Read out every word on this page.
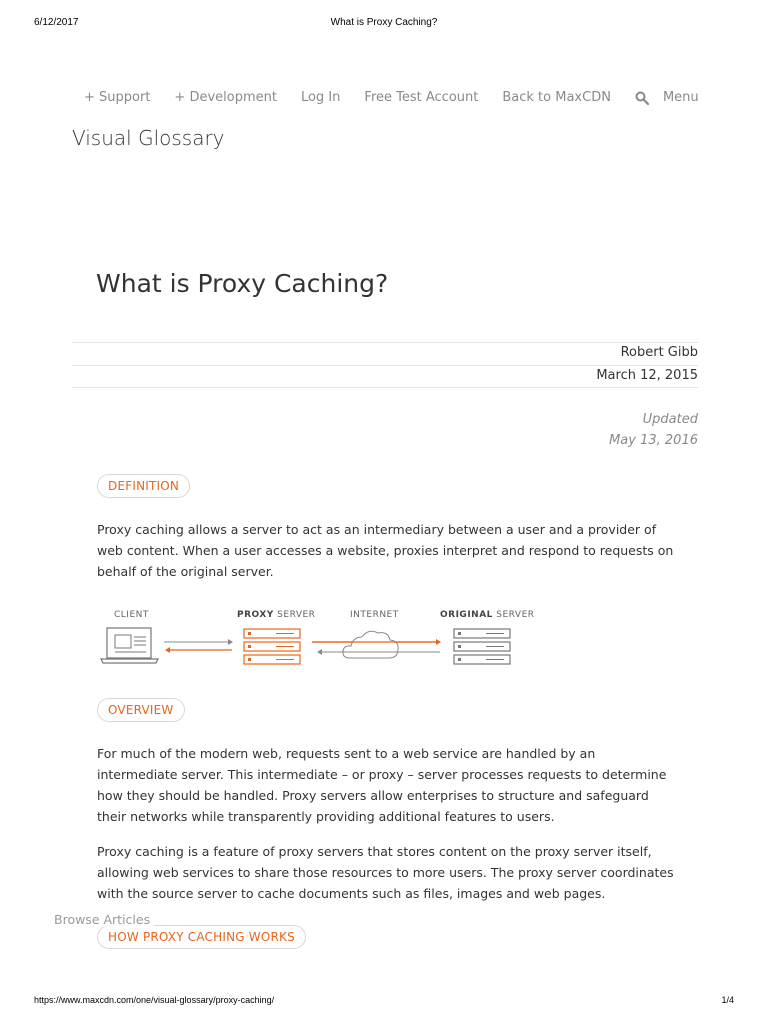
6/12/2017	What is Proxy Caching?
https://www.maxcdn.com/one/visual-glossary/proxy-caching/	1/4
+ Support + Development Log In Free Test Account Back to MaxCDN	Menu
Visual Glossary
What is Proxy Caching?
Robert Gibb
March 12, 2015
Updated
May 13, 2016
DEFINITION

Proxy caching allows a server to act as an intermediary between a user and a provider of web content. When a user accesses a website, proxies interpret and respond to requests on behalf of the original server.

CLIENT	PROXY SERVER	INTERNET	ORIGINAL SERVER
OVERVIEW

For much of the modern web, requests sent to a web service are handled by an intermediate server. This intermediate – or proxy – server processes requests to determine how they should be handled. Proxy servers allow enterprises to structure and safeguard their networks while transparently providing additional features to users.

Proxy caching is a feature of proxy servers that stores content on the proxy server itself, allowing web services to share those resources to more users. The proxy server coordinates with the source server to cache documents such as files, images and web pages.

HOW PROXY CACHING WORKS
Browse Articles
